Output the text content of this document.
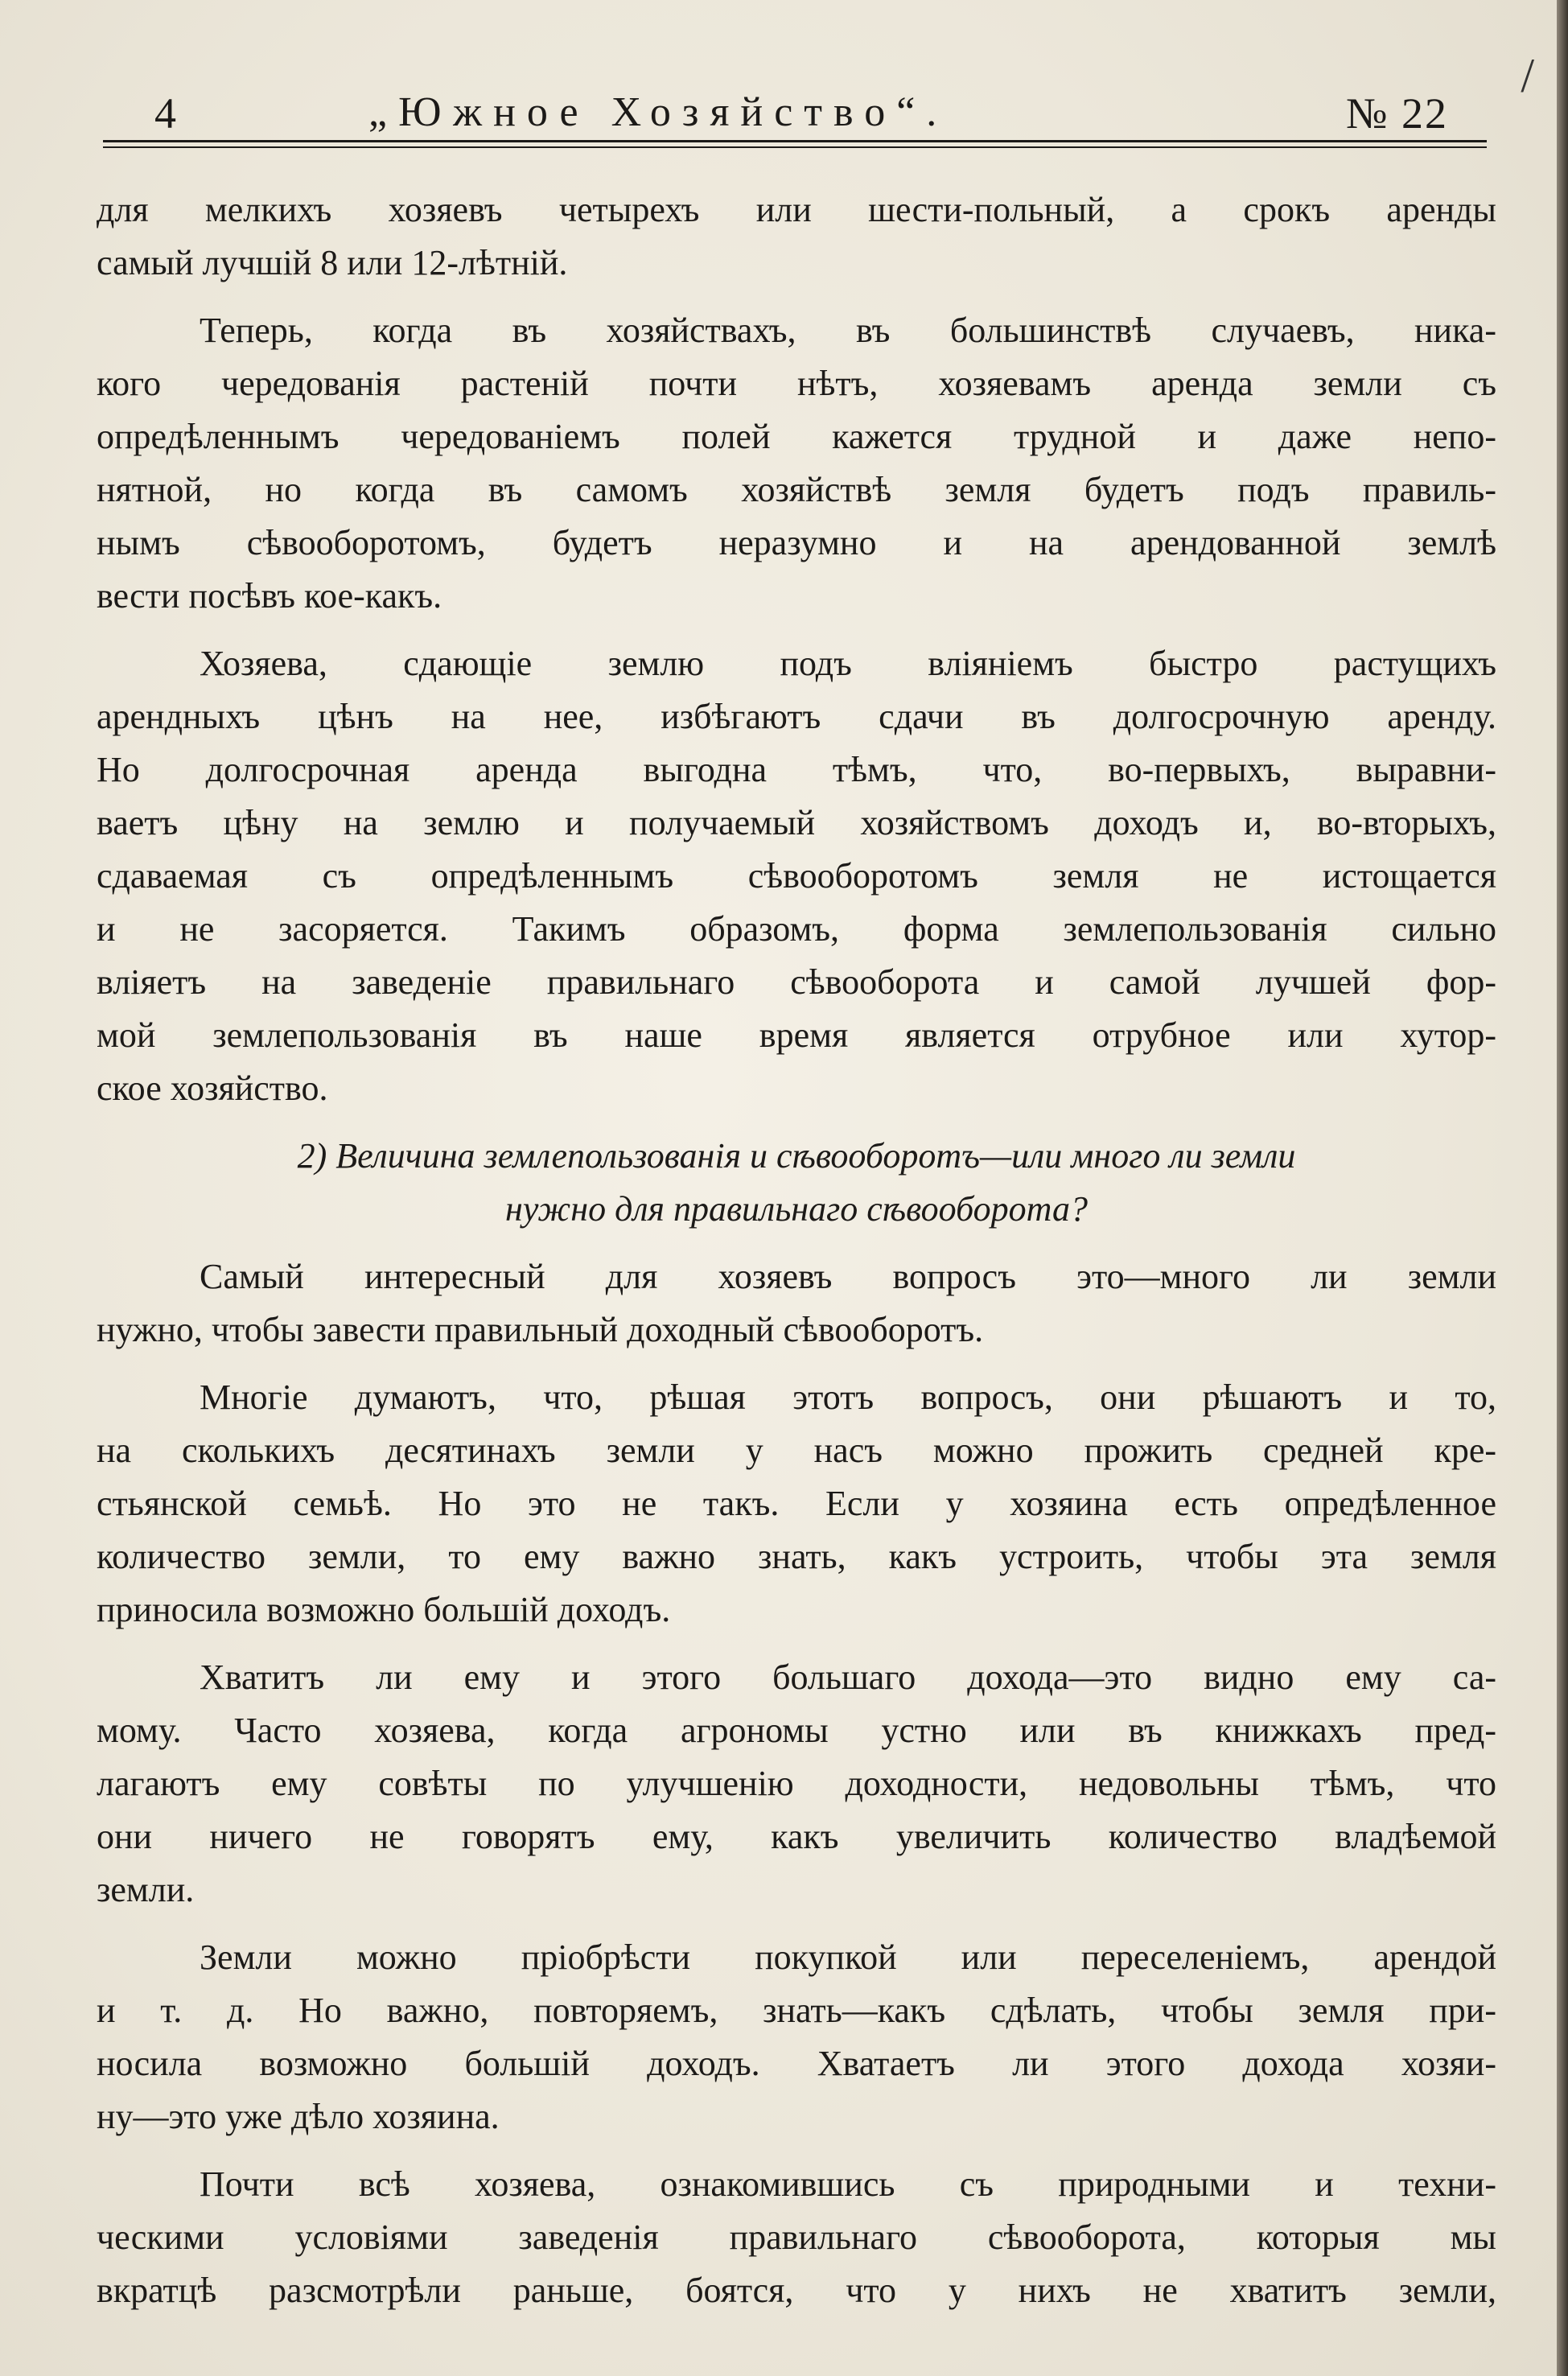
/
4	„Южное Хозяйство“.	№ 22

для мелкихъ хозяевъ четырехъ или шести-польный, а срокъ аренды
самый лучшій 8 или 12-лѣтній.

Теперь, когда въ хозяйствахъ, въ большинствѣ случаевъ, ника-
кого чередованія растеній почти нѣтъ, хозяевамъ аренда земли съ
опредѣленнымъ чередованіемъ полей кажется трудной и даже непо-
нятной, но когда въ самомъ хозяйствѣ земля будетъ подъ правиль-
нымъ сѣвооборотомъ, будетъ неразумно и на арендованной землѣ
вести посѣвъ кое-какъ.

Хозяева, сдающіе землю подъ вліяніемъ быстро растущихъ
арендныхъ цѣнъ на нее, избѣгаютъ сдачи въ долгосрочную аренду.
Но долгосрочная аренда выгодна тѣмъ, что, во-первыхъ, выравни-
ваетъ цѣну на землю и получаемый хозяйствомъ доходъ и, во-вторыхъ,
сдаваемая съ опредѣленнымъ сѣвооборотомъ земля не истощается
и не засоряется. Такимъ образомъ, форма землепользованія сильно
вліяетъ на заведеніе правильнаго сѣвооборота и самой лучшей фор-
мой землепользованія въ наше время является отрубное или хутор-
ское хозяйство.

2) Величина землепользованія и сѣвооборотъ—или много ли земли
нужно для правильнаго сѣвооборота?

Самый интересный для хозяевъ вопросъ это—много ли земли
нужно, чтобы завести правильный доходный сѣвооборотъ.

Многіе думаютъ, что, рѣшая этотъ вопросъ, они рѣшаютъ и то,
на сколькихъ десятинахъ земли у насъ можно прожить средней кре-
стьянской семьѣ. Но это не такъ. Если у хозяина есть опредѣленное
количество земли, то ему важно знать, какъ устроить, чтобы эта земля
приносила возможно большій доходъ.

Хватитъ ли ему и этого большаго дохода—это видно ему са-
мому. Часто хозяева, когда агрономы устно или въ книжкахъ пред-
лагаютъ ему совѣты по улучшенію доходности, недовольны тѣмъ, что
они ничего не говорятъ ему, какъ увеличить количество владѣемой
земли.

Земли можно пріобрѣсти покупкой или переселеніемъ, арендой
и т. д. Но важно, повторяемъ, знать—какъ сдѣлать, чтобы земля при-
носила возможно большій доходъ. Хватаетъ ли этого дохода хозяи-
ну—это уже дѣло хозяина.

Почти всѣ хозяева, ознакомившись съ природными и техни-
ческими условіями заведенія правильнаго сѣвооборота, которыя мы
вкратцѣ разсмотрѣли раньше, боятся, что у нихъ не хватитъ земли,
